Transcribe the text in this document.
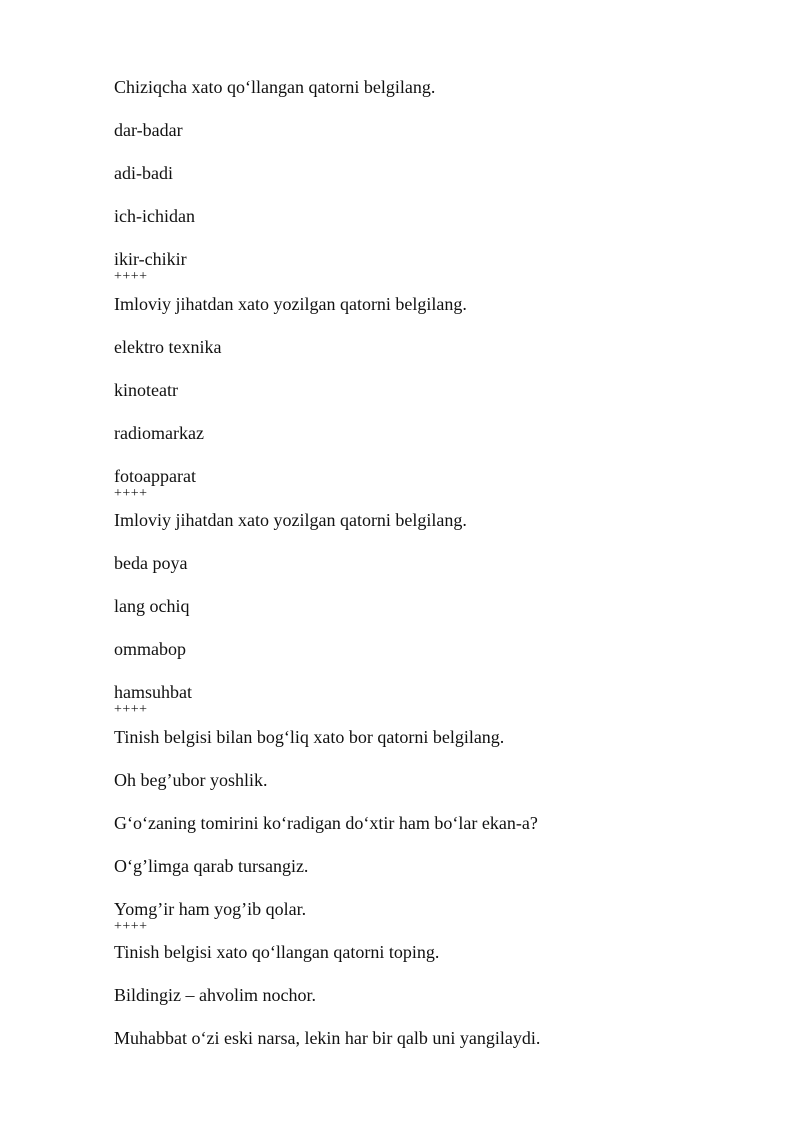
Chiziqcha xato qo‘llangan qatorni belgilang.
dar-badar
adi-badi
ich-ichidan
ikir-chikir
++++
Imloviy jihatdan xato yozilgan qatorni belgilang.
elektro texnika
kinoteatr
radiomarkaz
fotoapparat
++++
Imloviy jihatdan xato yozilgan qatorni belgilang.
beda poya
lang ochiq
ommabop
hamsuhbat
++++
Tinish belgisi bilan bog‘liq xato bor qatorni belgilang.
Oh beg’ubor yoshlik.
G‘o‘zaning tomirini ko‘radigan do‘xtir ham bo‘lar ekan-a?
O‘g’limga qarab tursangiz.
Yomg’ir ham yog’ib qolar.
++++
Tinish belgisi xato qo‘llangan qatorni toping.
Bildingiz – ahvolim nochor.
Muhabbat o‘zi eski narsa, lekin har bir qalb uni yangilaydi.
